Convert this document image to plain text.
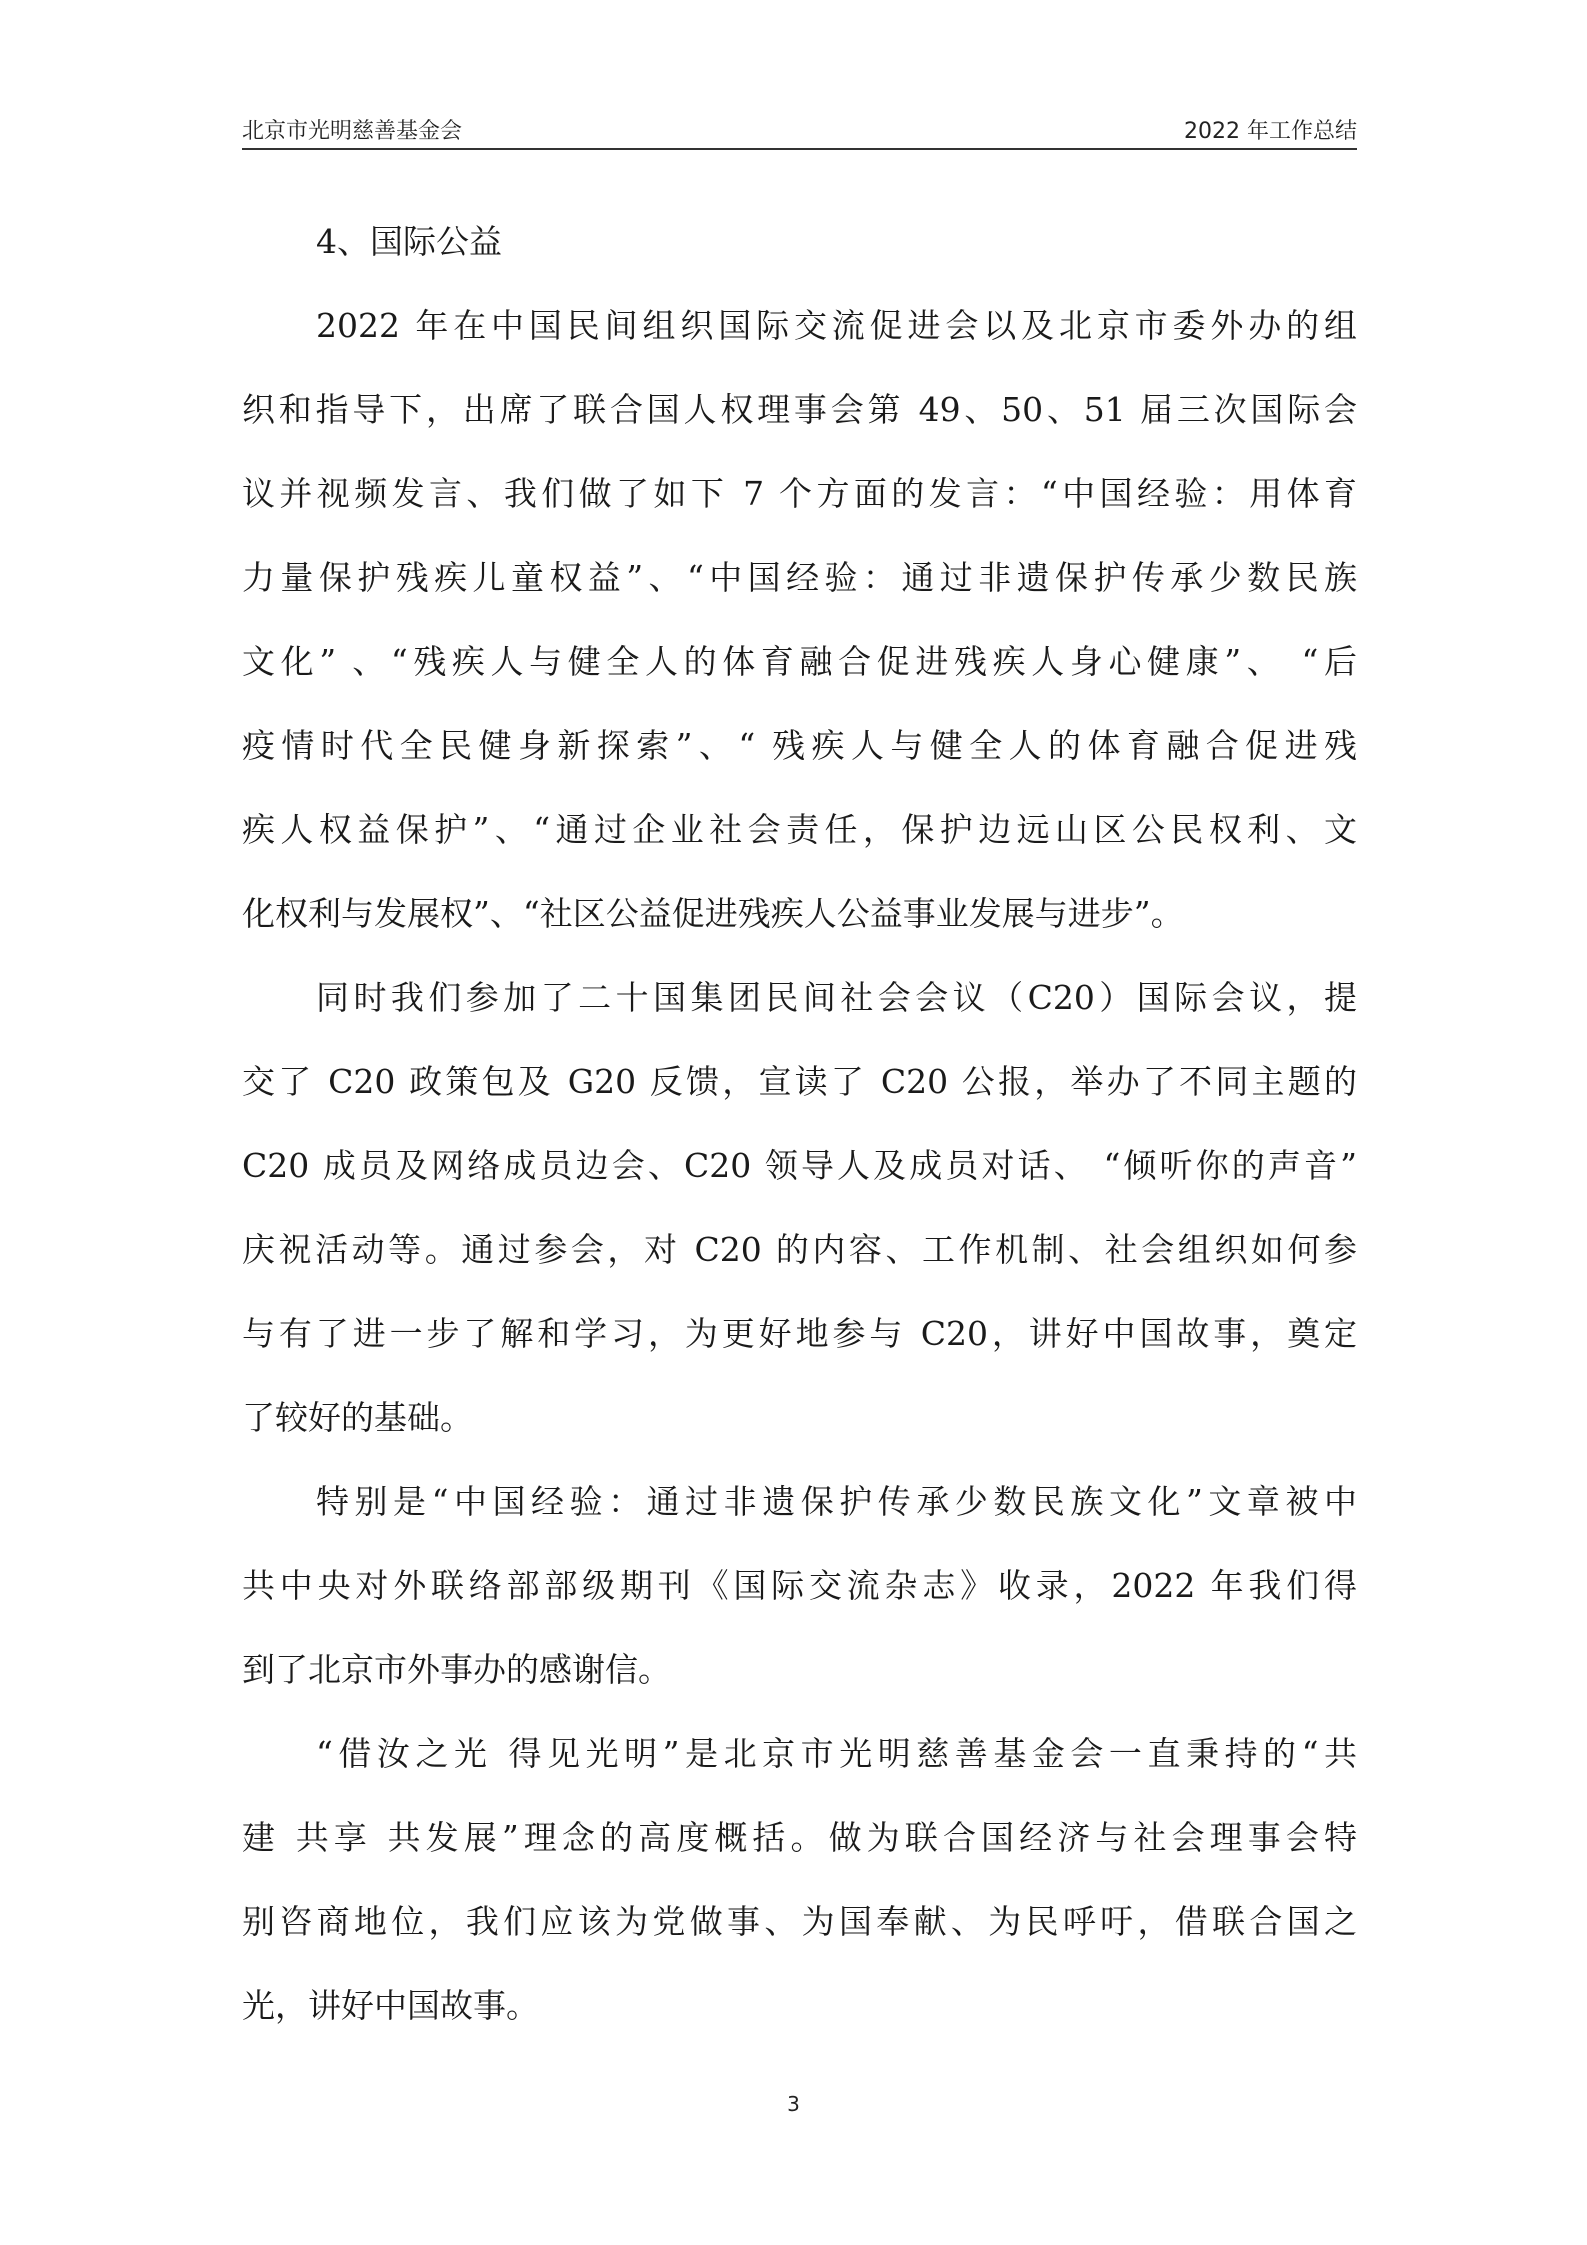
北京市光明慈善基金会	2022 年工作总结

4、国际公益

2022 年在中国民间组织国际交流促进会以及北京市委外办的组
织和指导下，出席了联合国人权理事会第 49、50、51 届三次国际会
议并视频发言、我们做了如下 7 个方面的发言：“中国经验：用体育
力量保护残疾儿童权益”、“中国经验：通过非遗保护传承少数民族
文化” 、“残疾人与健全人的体育融合促进残疾人身心健康”、 “后
疫情时代全民健身新探索”、“ 残疾人与健全人的体育融合促进残
疾人权益保护”、“通过企业社会责任，保护边远山区公民权利、文
化权利与发展权”、“社区公益促进残疾人公益事业发展与进步”。
同时我们参加了二十国集团民间社会会议（C20）国际会议，提
交了 C20 政策包及 G20 反馈，宣读了 C20 公报，举办了不同主题的
C20 成员及网络成员边会、C20 领导人及成员对话、 “倾听你的声音”
庆祝活动等。通过参会，对 C20 的内容、工作机制、社会组织如何参
与有了进一步了解和学习，为更好地参与 C20，讲好中国故事，奠定
了较好的基础。
特别是“中国经验：通过非遗保护传承少数民族文化”文章被中
共中央对外联络部部级期刊《国际交流杂志》收录，2022 年我们得
到了北京市外事办的感谢信。
“借汝之光 得见光明”是北京市光明慈善基金会一直秉持的“共
建 共享 共发展”理念的高度概括。做为联合国经济与社会理事会特
别咨商地位，我们应该为党做事、为国奉献、为民呼吁，借联合国之
光，讲好中国故事。
3
